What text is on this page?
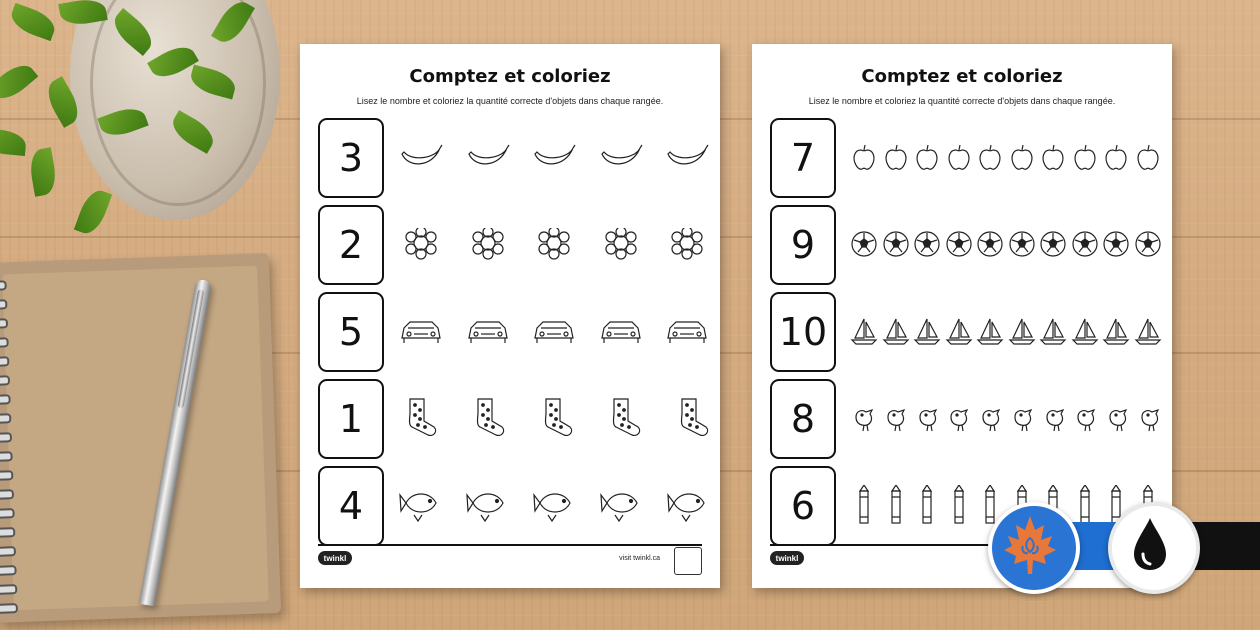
Comptez et coloriez
Lisez le nombre et coloriez la quantité correcte d'objets dans chaque rangée.
3
2
5
1
4
twinkl	visit twinkl.ca
Comptez et coloriez
Lisez le nombre et coloriez la quantité correcte d'objets dans chaque rangée.
7
9
10
8
6
twinkl
